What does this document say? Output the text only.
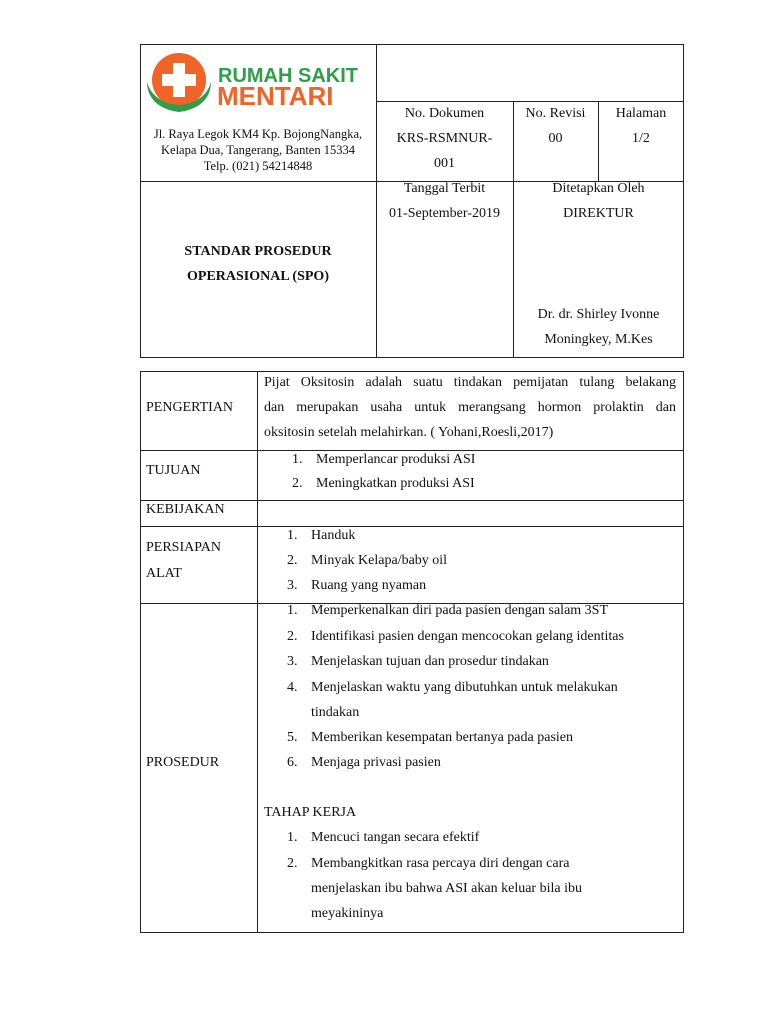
RUMAH SAKIT
MENTARI
Jl. Raya Legok KM4 Kp. BojongNangka,
Kelapa Dua, Tangerang, Banten 15334
Telp. (021) 54214848
No. Dokumen
KRS-RSMNUR-
001
No. Revisi
00
Halaman
1/2
STANDAR PROSEDUR
OPERASIONAL (SPO)
Tanggal Terbit
01-September-2019
Ditetapkan Oleh
DIREKTUR
Dr. dr. Shirley Ivonne
Moningkey, M.Kes
PENGERTIAN
Pijat Oksitosin adalah suatu tindakan pemijatan tulang belakang
dan merupakan usaha untuk merangsang hormon prolaktin dan
oksitosin setelah melahirkan. ( Yohani,Roesli,2017)
TUJUAN
1. Memperlancar produksi ASI
2. Meningkatkan produksi ASI
KEBIJAKAN
PERSIAPAN
ALAT
1. Handuk
2. Minyak Kelapa/baby oil
3. Ruang yang nyaman
PROSEDUR
1. Memperkenalkan diri pada pasien dengan salam 3ST
2. Identifikasi pasien dengan mencocokan gelang identitas
3. Menjelaskan tujuan dan prosedur tindakan
4. Menjelaskan waktu yang dibutuhkan untuk melakukan
tindakan
5. Memberikan kesempatan bertanya pada pasien
6. Menjaga privasi pasien
TAHAP KERJA
1. Mencuci tangan secara efektif
2. Membangkitkan rasa percaya diri dengan cara
menjelaskan ibu bahwa ASI akan keluar bila ibu
meyakininya
